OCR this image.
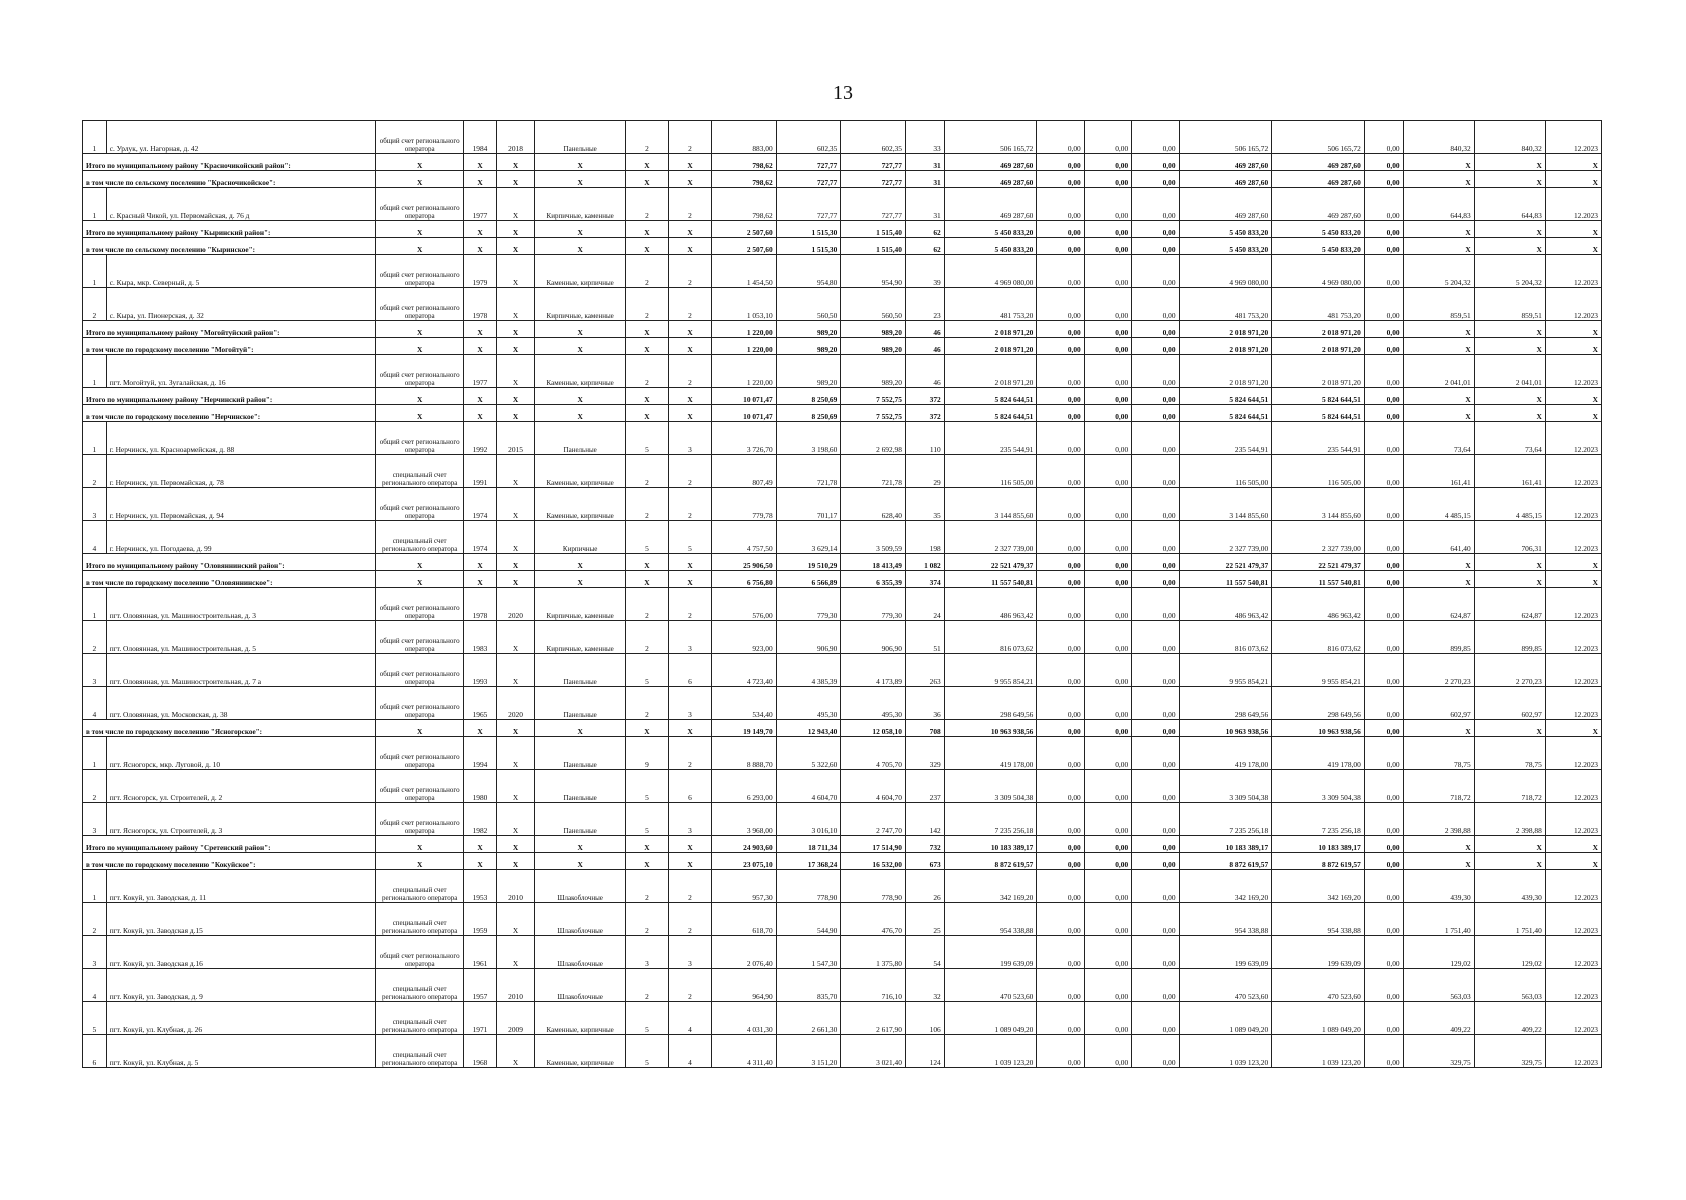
13
1	с. Урлук, ул. Нагорная, д. 42	общий счет регионального оператора	1984	2018	Панельные	2	2	883,00	602,35	602,35	33	506 165,72	0,00	0,00	0,00	506 165,72	506 165,72	0,00	840,32	840,32	12.2023
Итого по муниципальному району "Красночикойский район":		X	X	X	X	X	X	798,62	727,77	727,77	31	469 287,60	0,00	0,00	0,00	469 287,60	469 287,60	0,00	X	X	X
в том числе по сельскому поселению "Красночикойское":		X	X	X	X	X	X	798,62	727,77	727,77	31	469 287,60	0,00	0,00	0,00	469 287,60	469 287,60	0,00	X	X	X
1	с. Красный Чикой, ул. Первомайская, д. 76 д	общий счет регионального оператора	1977	X	Кирпичные, каменные	2	2	798,62	727,77	727,77	31	469 287,60	0,00	0,00	0,00	469 287,60	469 287,60	0,00	644,83	644,83	12.2023
Итого по муниципальному району "Кыринский район":		X	X	X	X	X	X	2 507,60	1 515,30	1 515,40	62	5 450 833,20	0,00	0,00	0,00	5 450 833,20	5 450 833,20	0,00	X	X	X
в том числе по сельскому поселению "Кыринское":		X	X	X	X	X	X	2 507,60	1 515,30	1 515,40	62	5 450 833,20	0,00	0,00	0,00	5 450 833,20	5 450 833,20	0,00	X	X	X
1	с. Кыра, мкр. Северный, д. 5	общий счет регионального оператора	1979	X	Каменные, кирпичные	2	2	1 454,50	954,80	954,90	39	4 969 080,00	0,00	0,00	0,00	4 969 080,00	4 969 080,00	0,00	5 204,32	5 204,32	12.2023
2	с. Кыра, ул. Пионерская, д. 32	общий счет регионального оператора	1978	X	Кирпичные, каменные	2	2	1 053,10	560,50	560,50	23	481 753,20	0,00	0,00	0,00	481 753,20	481 753,20	0,00	859,51	859,51	12.2023
Итого по муниципальному району "Могойтуйский район":		X	X	X	X	X	X	1 220,00	989,20	989,20	46	2 018 971,20	0,00	0,00	0,00	2 018 971,20	2 018 971,20	0,00	X	X	X
в том числе по городскому поселению "Могойтуй":		X	X	X	X	X	X	1 220,00	989,20	989,20	46	2 018 971,20	0,00	0,00	0,00	2 018 971,20	2 018 971,20	0,00	X	X	X
1	пгт. Могойтуй, ул. Зугалайская, д. 16	общий счет регионального оператора	1977	X	Каменные, кирпичные	2	2	1 220,00	989,20	989,20	46	2 018 971,20	0,00	0,00	0,00	2 018 971,20	2 018 971,20	0,00	2 041,01	2 041,01	12.2023
Итого по муниципальному району "Нерчинский район":		X	X	X	X	X	X	10 071,47	8 250,69	7 552,75	372	5 824 644,51	0,00	0,00	0,00	5 824 644,51	5 824 644,51	0,00	X	X	X
в том числе по городскому поселению "Нерчинское":		X	X	X	X	X	X	10 071,47	8 250,69	7 552,75	372	5 824 644,51	0,00	0,00	0,00	5 824 644,51	5 824 644,51	0,00	X	X	X
1	г. Нерчинск, ул. Красноармейская, д. 88	общий счет регионального оператора	1992	2015	Панельные	5	3	3 726,70	3 198,60	2 692,98	110	235 544,91	0,00	0,00	0,00	235 544,91	235 544,91	0,00	73,64	73,64	12.2023
2	г. Нерчинск, ул. Первомайская, д. 78	специальный счет регионального оператора	1991	X	Каменные, кирпичные	2	2	807,49	721,78	721,78	29	116 505,00	0,00	0,00	0,00	116 505,00	116 505,00	0,00	161,41	161,41	12.2023
3	г. Нерчинск, ул. Первомайская, д. 94	общий счет регионального оператора	1974	X	Каменные, кирпичные	2	2	779,78	701,17	628,40	35	3 144 855,60	0,00	0,00	0,00	3 144 855,60	3 144 855,60	0,00	4 485,15	4 485,15	12.2023
4	г. Нерчинск, ул. Погодаева, д. 99	специальный счет регионального оператора	1974	X	Кирпичные	5	5	4 757,50	3 629,14	3 509,59	198	2 327 739,00	0,00	0,00	0,00	2 327 739,00	2 327 739,00	0,00	641,40	706,31	12.2023
Итого по муниципальному району "Оловяннинский район":		X	X	X	X	X	X	25 906,50	19 510,29	18 413,49	1 082	22 521 479,37	0,00	0,00	0,00	22 521 479,37	22 521 479,37	0,00	X	X	X
в том числе по городскому поселению "Оловяннинское":		X	X	X	X	X	X	6 756,80	6 566,89	6 355,39	374	11 557 540,81	0,00	0,00	0,00	11 557 540,81	11 557 540,81	0,00	X	X	X
1	пгт. Оловянная, ул. Машиностроительная, д. 3	общий счет регионального оператора	1978	2020	Кирпичные, каменные	2	2	576,00	779,30	779,30	24	486 963,42	0,00	0,00	0,00	486 963,42	486 963,42	0,00	624,87	624,87	12.2023
2	пгт. Оловянная, ул. Машиностроительная, д. 5	общий счет регионального оператора	1983	X	Кирпичные, каменные	2	3	923,00	906,90	906,90	51	816 073,62	0,00	0,00	0,00	816 073,62	816 073,62	0,00	899,85	899,85	12.2023
3	пгт. Оловянная, ул. Машиностроительная, д. 7 а	общий счет регионального оператора	1993	X	Панельные	5	6	4 723,40	4 385,39	4 173,89	263	9 955 854,21	0,00	0,00	0,00	9 955 854,21	9 955 854,21	0,00	2 270,23	2 270,23	12.2023
4	пгт. Оловянная, ул. Московская, д. 38	общий счет регионального оператора	1965	2020	Панельные	2	3	534,40	495,30	495,30	36	298 649,56	0,00	0,00	0,00	298 649,56	298 649,56	0,00	602,97	602,97	12.2023
в том числе по городскому поселению "Ясногорское":		X	X	X	X	X	X	19 149,70	12 943,40	12 058,10	708	10 963 938,56	0,00	0,00	0,00	10 963 938,56	10 963 938,56	0,00	X	X	X
1	пгт. Ясногорск, мкр. Луговой, д. 10	общий счет регионального оператора	1994	X	Панельные	9	2	8 888,70	5 322,60	4 705,70	329	419 178,00	0,00	0,00	0,00	419 178,00	419 178,00	0,00	78,75	78,75	12.2023
2	пгт. Ясногорск, ул. Строителей, д. 2	общий счет регионального оператора	1980	X	Панельные	5	6	6 293,00	4 604,70	4 604,70	237	3 309 504,38	0,00	0,00	0,00	3 309 504,38	3 309 504,38	0,00	718,72	718,72	12.2023
3	пгт. Ясногорск, ул. Строителей, д. 3	общий счет регионального оператора	1982	X	Панельные	5	3	3 968,00	3 016,10	2 747,70	142	7 235 256,18	0,00	0,00	0,00	7 235 256,18	7 235 256,18	0,00	2 398,88	2 398,88	12.2023
Итого по муниципальному району "Сретенский район":		X	X	X	X	X	X	24 903,60	18 711,34	17 514,90	732	10 183 389,17	0,00	0,00	0,00	10 183 389,17	10 183 389,17	0,00	X	X	X
в том числе по городскому поселению "Кокуйское":		X	X	X	X	X	X	23 075,10	17 368,24	16 532,00	673	8 872 619,57	0,00	0,00	0,00	8 872 619,57	8 872 619,57	0,00	X	X	X
1	пгт. Кокуй, ул. Заводская, д. 11	специальный счет регионального оператора	1953	2010	Шлакоблочные	2	2	957,30	778,90	778,90	26	342 169,20	0,00	0,00	0,00	342 169,20	342 169,20	0,00	439,30	439,30	12.2023
2	пгт. Кокуй, ул. Заводская д.15	специальный счет регионального оператора	1959	X	Шлакоблочные	2	2	618,70	544,90	476,70	25	954 338,88	0,00	0,00	0,00	954 338,88	954 338,88	0,00	1 751,40	1 751,40	12.2023
3	пгт. Кокуй, ул. Заводская д.16	общий счет регионального оператора	1961	X	Шлакоблочные	3	3	2 076,40	1 547,30	1 375,80	54	199 639,09	0,00	0,00	0,00	199 639,09	199 639,09	0,00	129,02	129,02	12.2023
4	пгт. Кокуй, ул. Заводская, д. 9	специальный счет регионального оператора	1957	2010	Шлакоблочные	2	2	964,90	835,70	716,10	32	470 523,60	0,00	0,00	0,00	470 523,60	470 523,60	0,00	563,03	563,03	12.2023
5	пгт. Кокуй, ул. Клубная, д. 26	специальный счет регионального оператора	1971	2009	Каменные, кирпичные	5	4	4 031,30	2 661,30	2 617,90	106	1 089 049,20	0,00	0,00	0,00	1 089 049,20	1 089 049,20	0,00	409,22	409,22	12.2023
6	пгт. Кокуй, ул. Клубная, д. 5	специальный счет регионального оператора	1968	X	Каменные, кирпичные	5	4	4 311,40	3 151,20	3 021,40	124	1 039 123,20	0,00	0,00	0,00	1 039 123,20	1 039 123,20	0,00	329,75	329,75	12.2023
